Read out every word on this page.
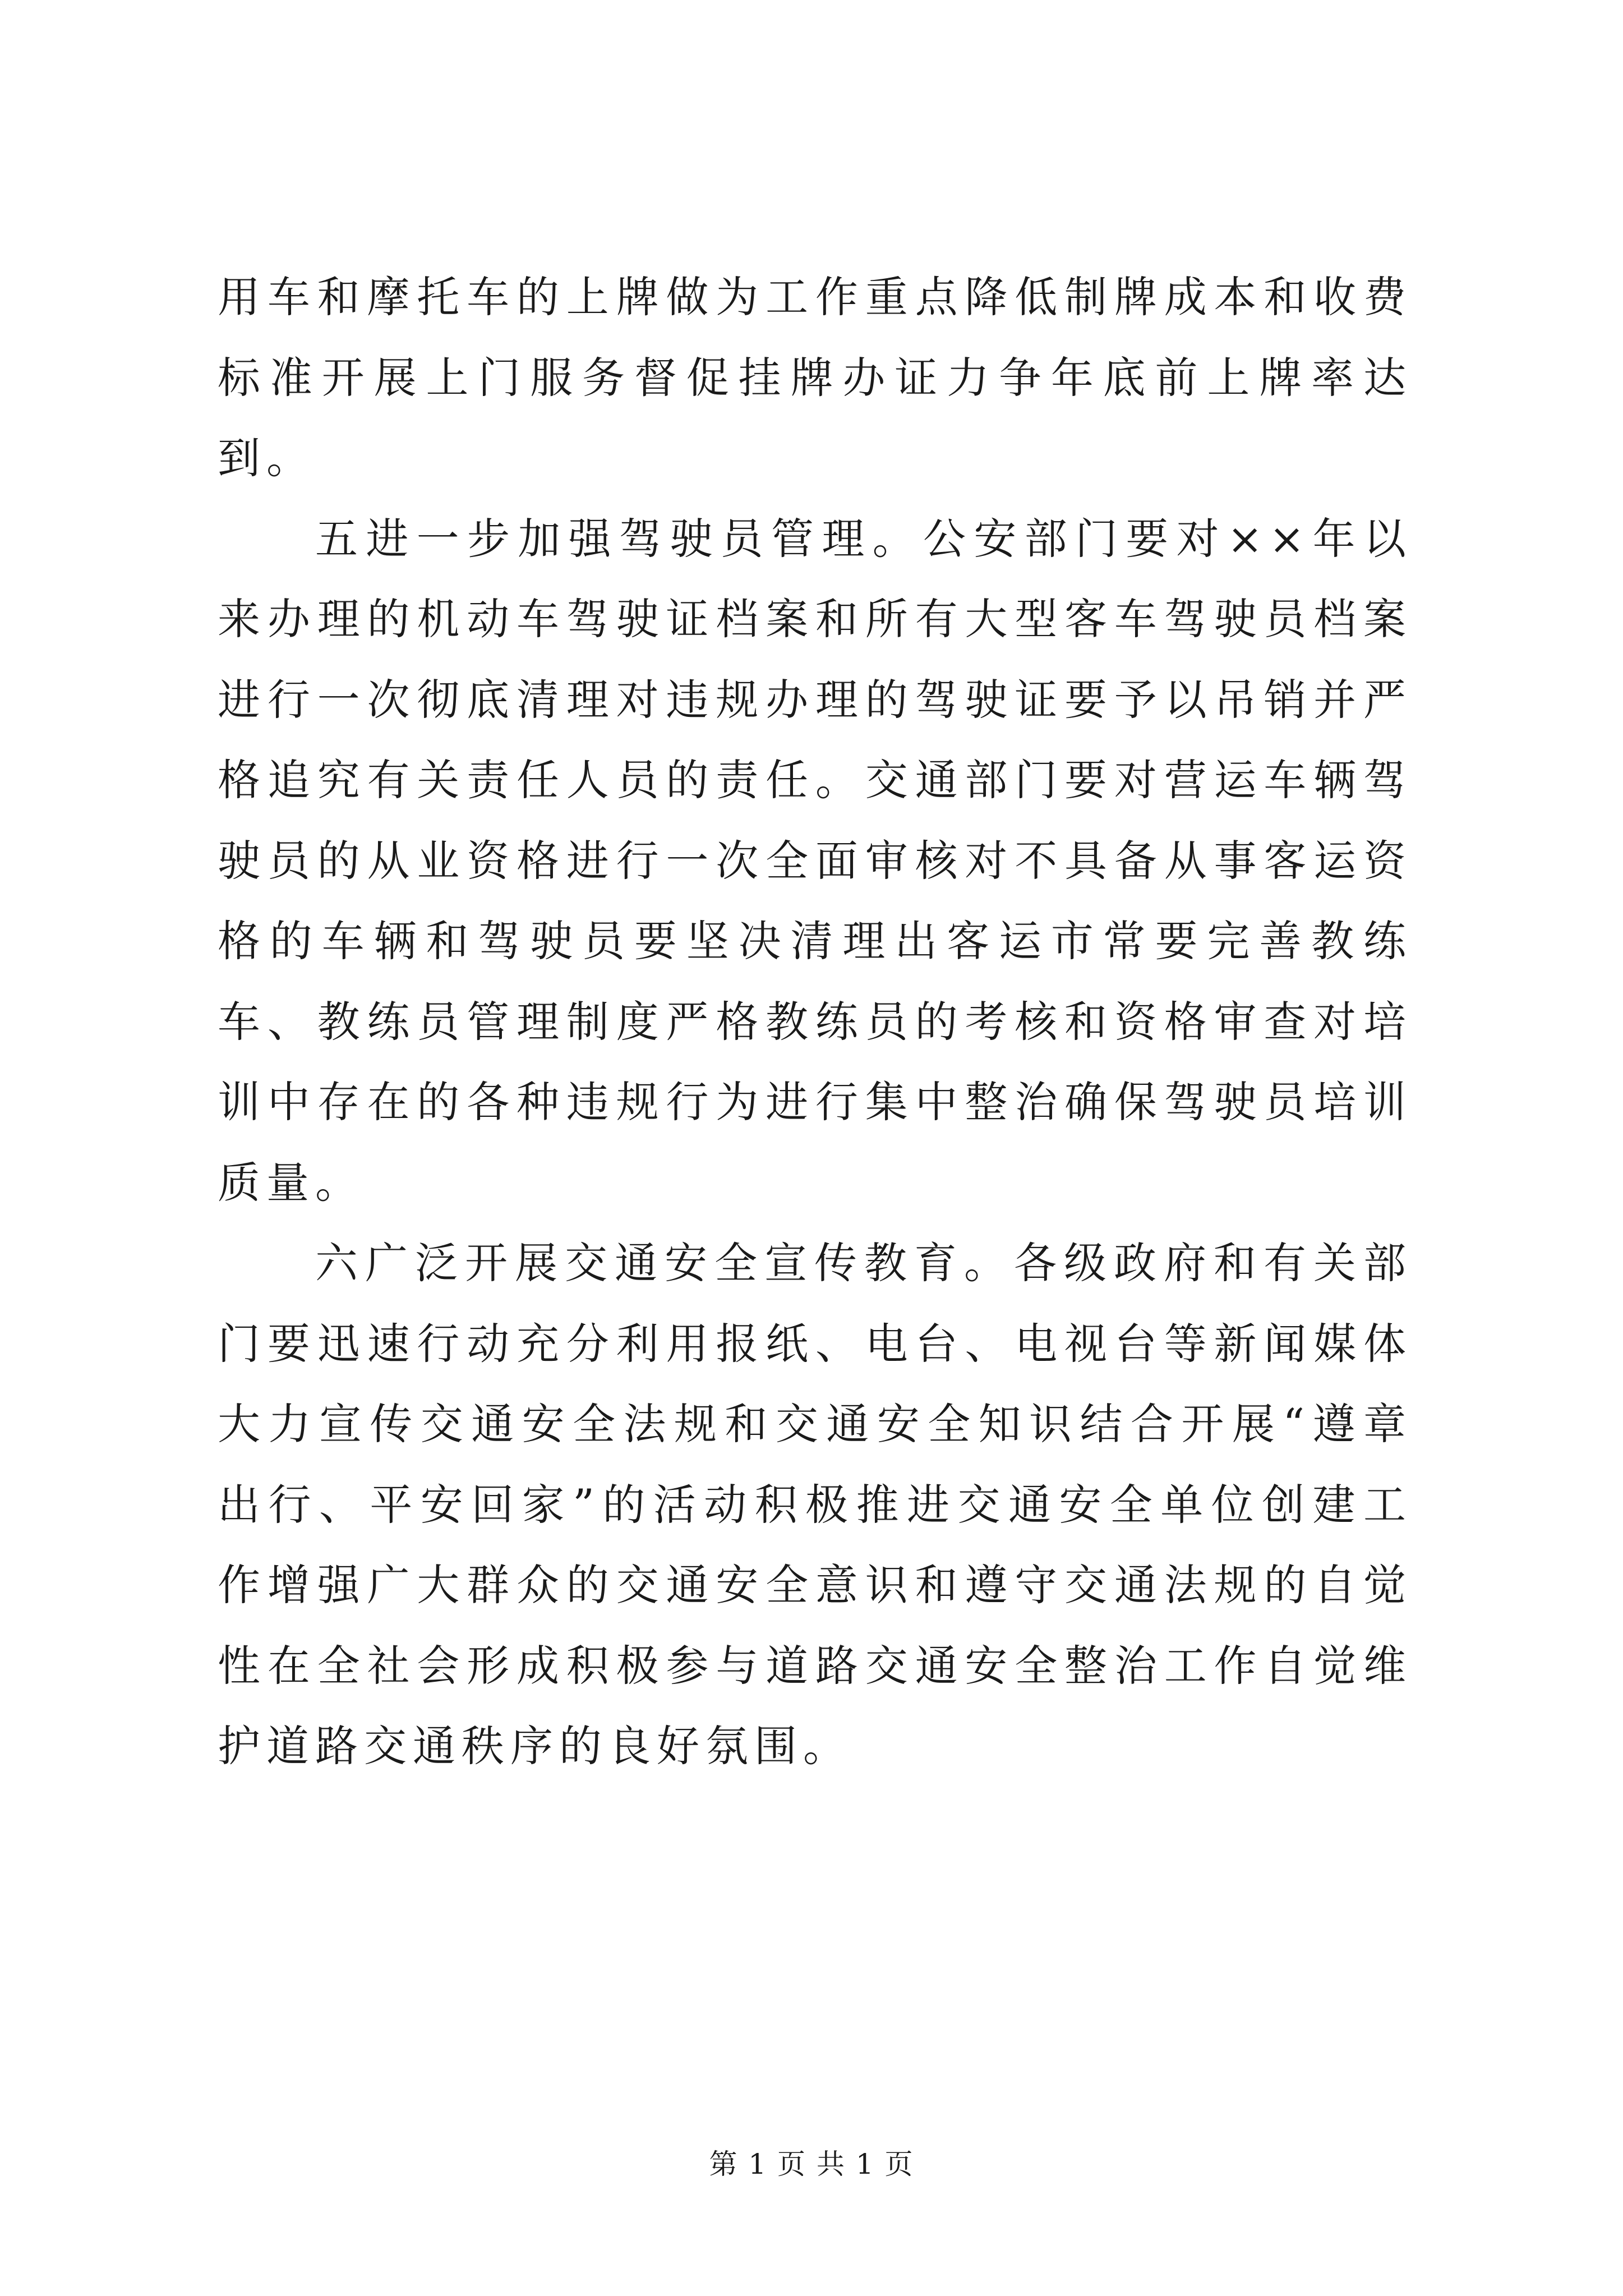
用车和摩托车的上牌做为工作重点降低制牌成本和收费标准开展上门服务督促挂牌办证力争年底前上牌率达到。

五进一步加强驾驶员管理。公安部门要对××年以来办理的机动车驾驶证档案和所有大型客车驾驶员档案进行一次彻底清理对违规办理的驾驶证要予以吊销并严格追究有关责任人员的责任。交通部门要对营运车辆驾驶员的从业资格进行一次全面审核对不具备从事客运资格的车辆和驾驶员要坚决清理出客运市常要完善教练车、教练员管理制度严格教练员的考核和资格审查对培训中存在的各种违规行为进行集中整治确保驾驶员培训质量。

六广泛开展交通安全宣传教育。各级政府和有关部门要迅速行动充分利用报纸、电台、电视台等新闻媒体大力宣传交通安全法规和交通安全知识结合开展“遵章出行、平安回家”的活动积极推进交通安全单位创建工作增强广大群众的交通安全意识和遵守交通法规的自觉性在全社会形成积极参与道路交通安全整治工作自觉维护道路交通秩序的良好氛围。

第 1 页 共 1 页
